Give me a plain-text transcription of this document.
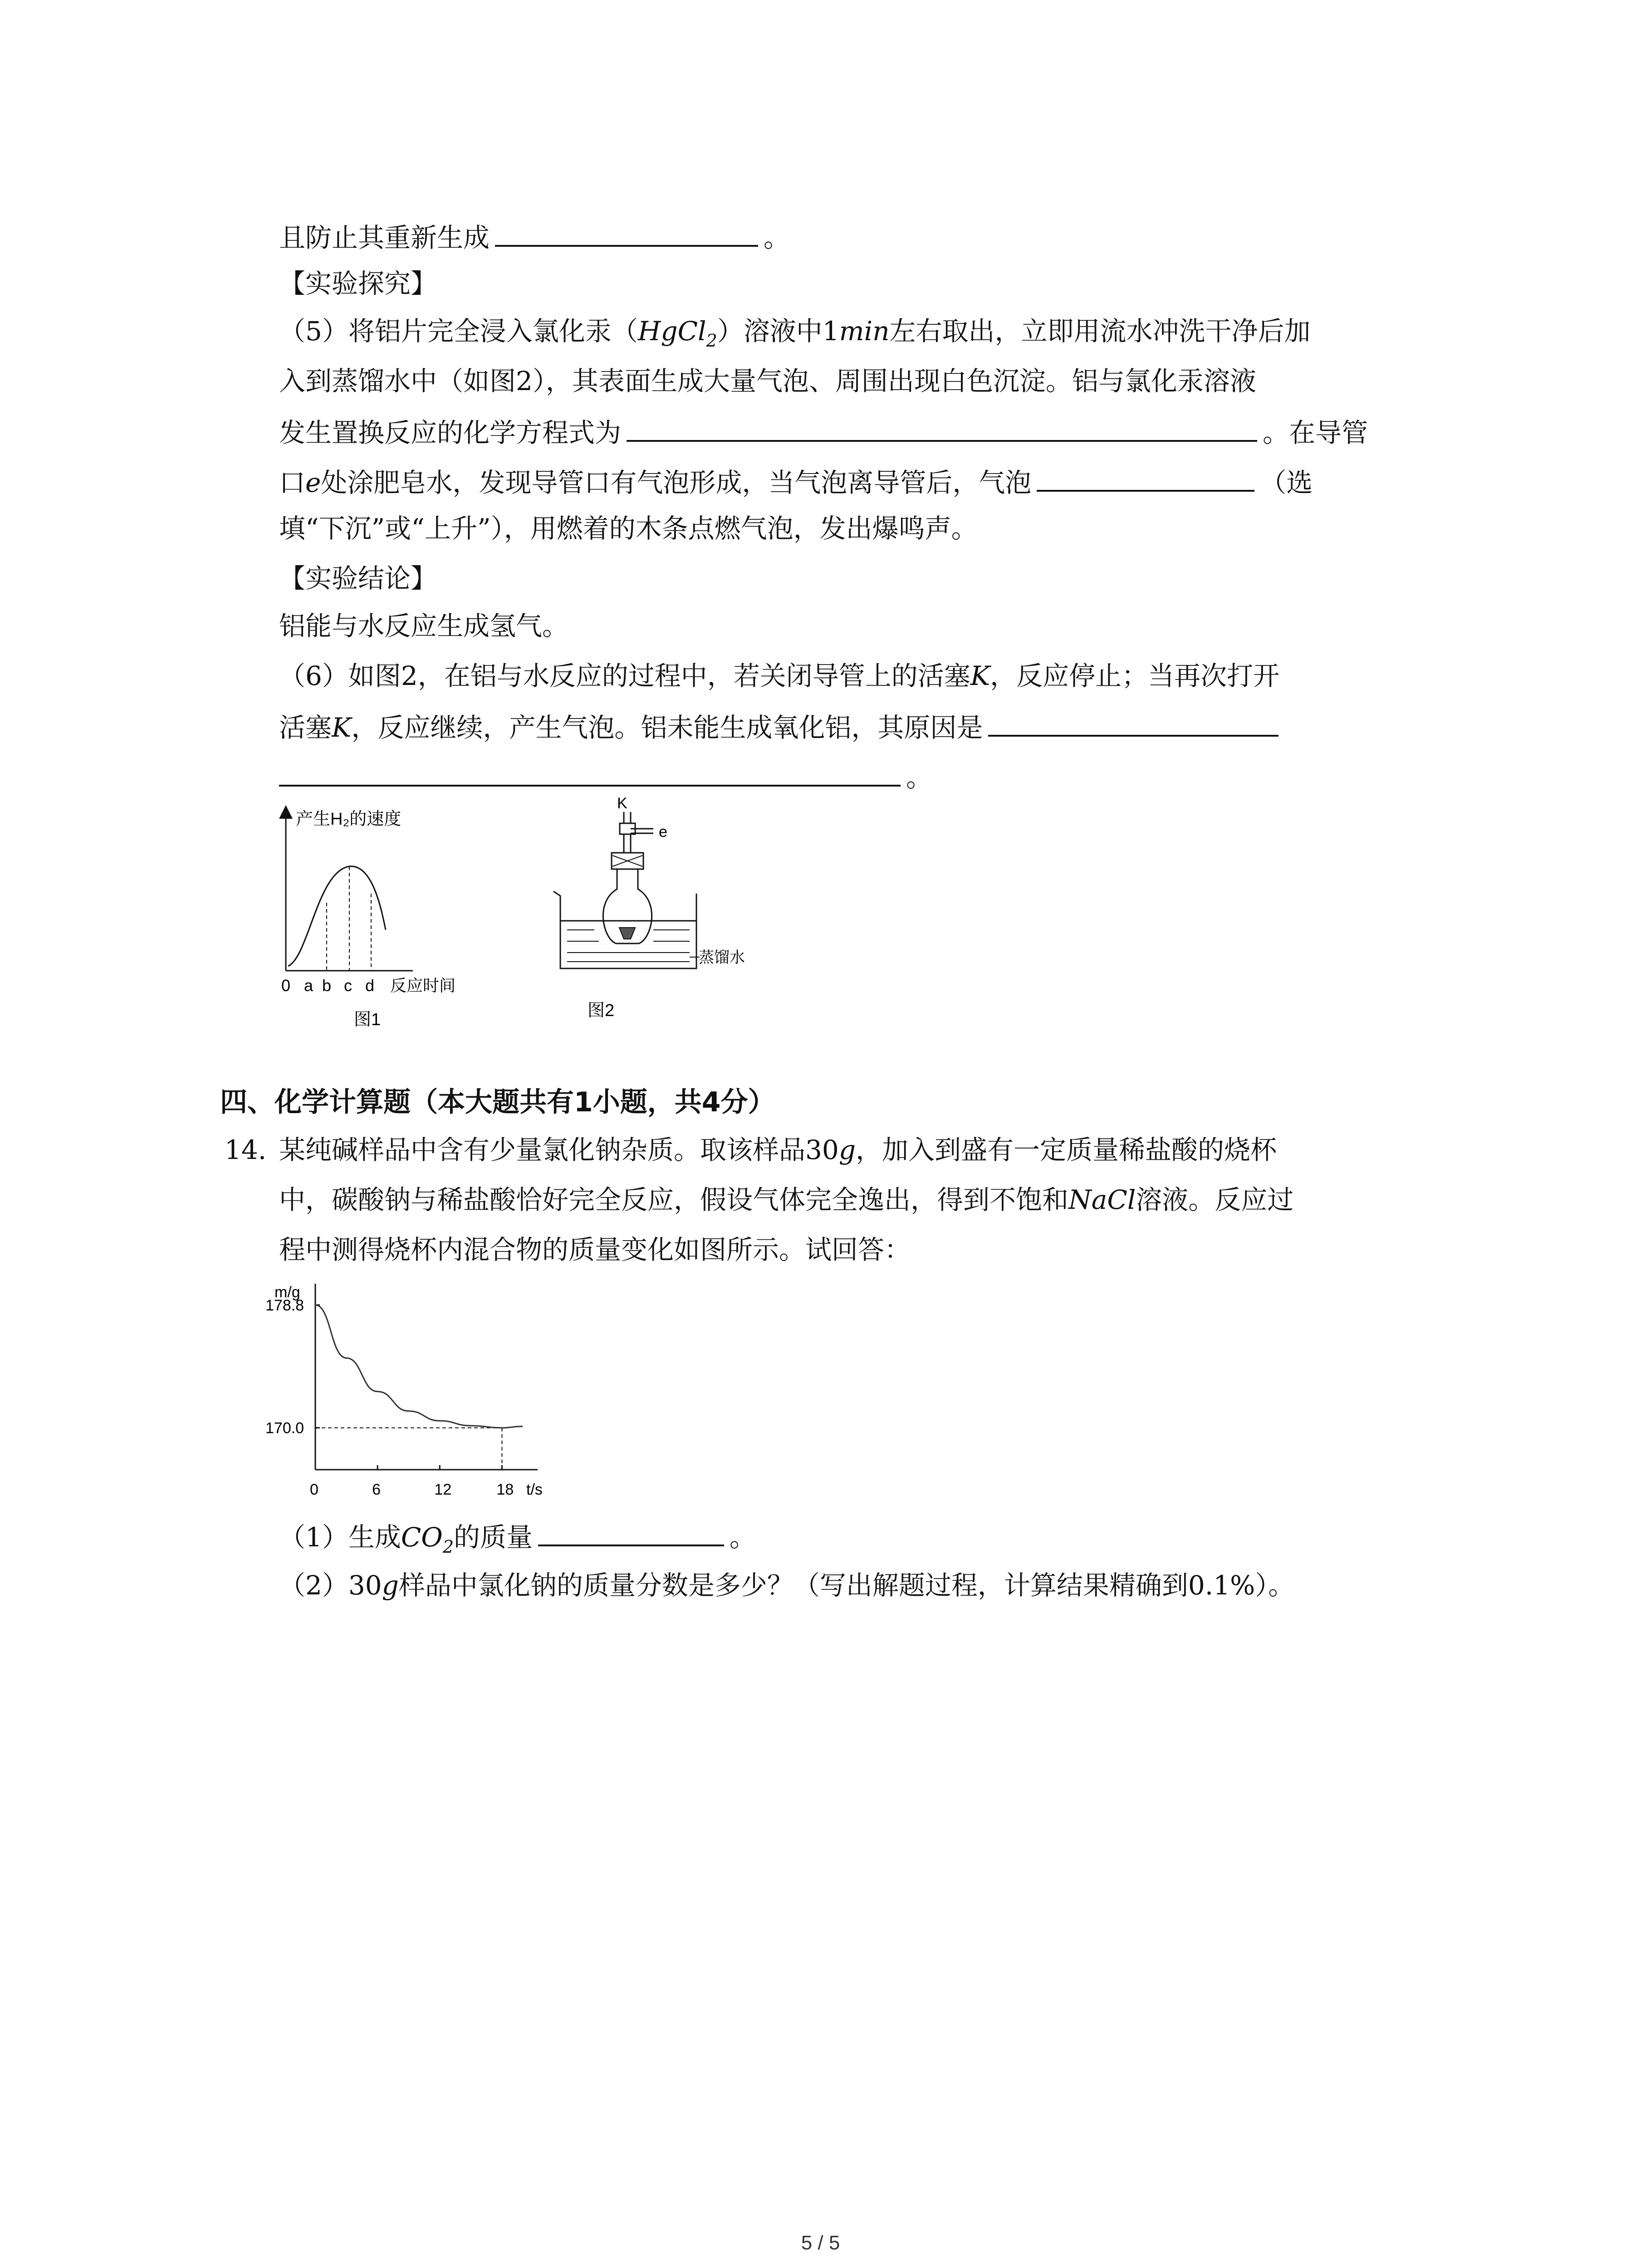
且防止其重新生成	。
【实验探究】
（5）将铝片完全浸入氯化汞（HgCl$_2$）溶液中1min左右取出，立即用流水冲洗干净后加
入到蒸馏水中（如图2），其表面生成大量气泡、周围出现白色沉淀。铝与氯化汞溶液
发生置换反应的化学方程式为	。在导管
口e处涂肥皂水，发现导管口有气泡形成，当气泡离导管后，气泡	（选
填“下沉”或“上升”），用燃着的木条点燃气泡，发出爆鸣声。
【实验结论】
铝能与水反应生成氢气。
（6）如图2，在铝与水反应的过程中，若关闭导管上的活塞K，反应停止；当再次打开
活塞K，反应继续，产生气泡。铝未能生成氧化铝，其原因是
。
产生H₂的速度
0 a b c d 反应时间
图1
K
e
蒸馏水
图2
四、化学计算题（本大题共有1小题，共4分）
14. 某纯碱样品中含有少量氯化钠杂质。取该样品30g，加入到盛有一定质量稀盐酸的烧杯
中，碳酸钠与稀盐酸恰好完全反应，假设气体完全逸出，得到不饱和NaCl溶液。反应过
程中测得烧杯内混合物的质量变化如图所示。试回答：
m/g
t/s
0	6	12	18
178.8
170.0
（1）生成$CO_2$的质量	。
（2）30g样品中氯化钠的质量分数是多少？（写出解题过程，计算结果精确到0.1%）。
5 / 5
